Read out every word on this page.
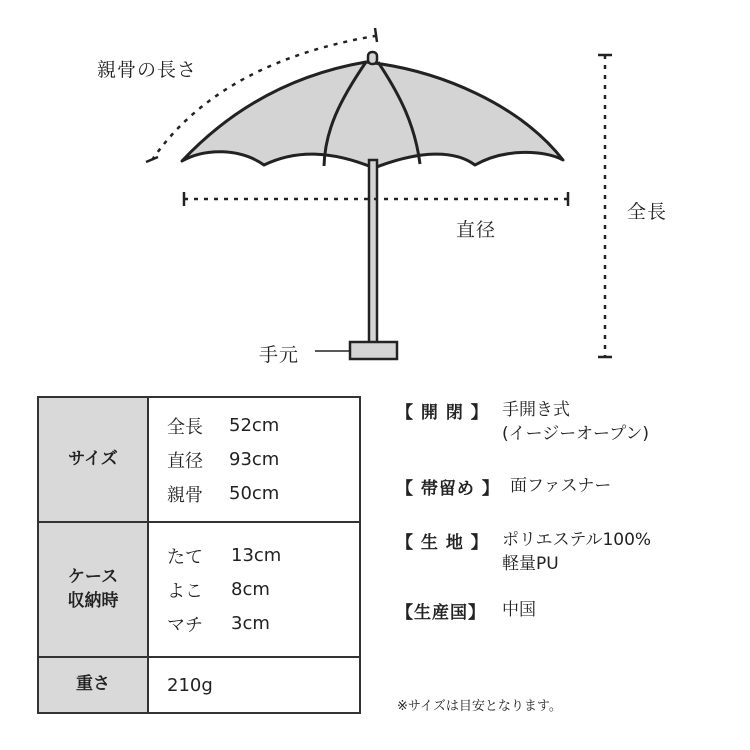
親骨の長さ
直径
全長
手元
サイズ
全長	52cm
直径	93cm
親骨	50cm
ケース
収納時
たて	13cm
よこ	8cm
マチ	3cm
重さ	210g
【 開 閉 】 手開き式
(イージーオープン)
【 帯留め 】 面ファスナー
【 生 地 】 ポリエステル100%
軽量PU
【生産国】 中国
※サイズは目安となります。
